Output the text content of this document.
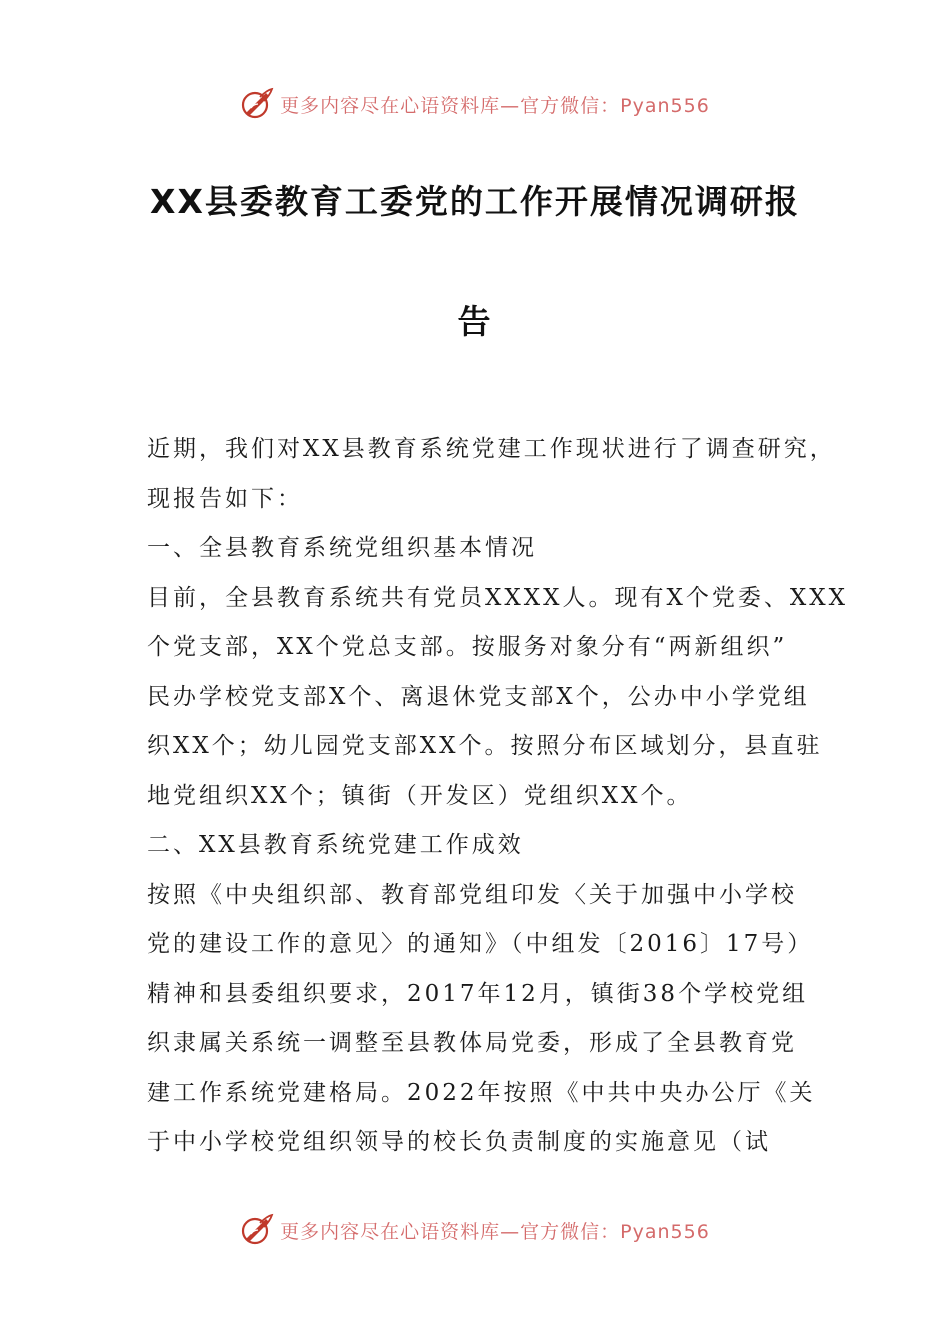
更多内容尽在心语资料库—官方微信：Pyan556
XX县委教育工委党的工作开展情况调研报
告
近期，我们对XX县教育系统党建工作现状进行了调查研究，
现报告如下：
一、全县教育系统党组织基本情况
目前，全县教育系统共有党员XXXX人。现有X个党委、XXX
个党支部，XX个党总支部。按服务对象分有“两新组织”
民办学校党支部X个、离退休党支部X个，公办中小学党组
织XX个；幼儿园党支部XX个。按照分布区域划分，县直驻
地党组织XX个；镇街（开发区）党组织XX个。
二、XX县教育系统党建工作成效
按照《中央组织部、教育部党组印发〈关于加强中小学校
党的建设工作的意见〉的通知》（中组发〔2016〕17号）
精神和县委组织要求，2017年12月，镇街38个学校党组
织隶属关系统一调整至县教体局党委，形成了全县教育党
建工作系统党建格局。2022年按照《中共中央办公厅《关
于中小学校党组织领导的校长负责制度的实施意见（试
更多内容尽在心语资料库—官方微信：Pyan556
